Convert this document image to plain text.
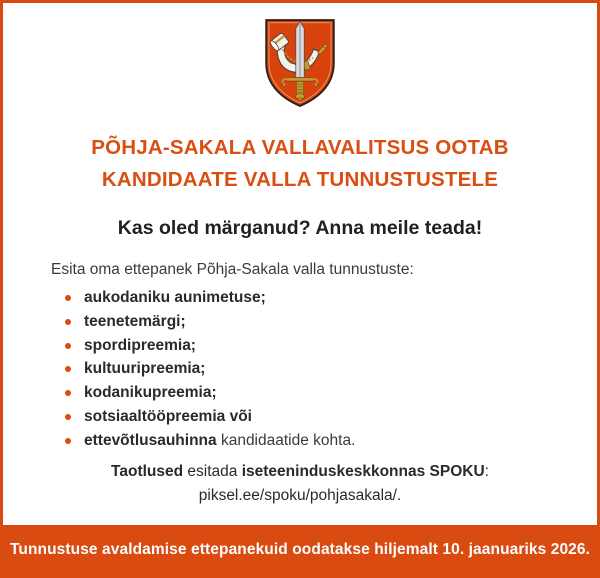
PÕHJA-SAKALA VALLAVALITSUS OOTAB
KANDIDAATE VALLA TUNNUSTUSTELE
Kas oled märganud? Anna meile teada!

Esita oma ettepanek Põhja-Sakala valla tunnustuste:

aukodaniku aunimetuse;
teenetemärgi;
spordipreemia;
kultuuripreemia;
kodanikupreemia;
sotsiaaltööpreemia või
ettevõtlusauhinna kandidaatide kohta.
Taotlused esitada iseteeninduskeskkonnas SPOKU:
piksel.ee/spoku/pohjasakala/.
Tunnustuse avaldamise ettepanekuid oodatakse hiljemalt 10. jaanuariks 2026.
